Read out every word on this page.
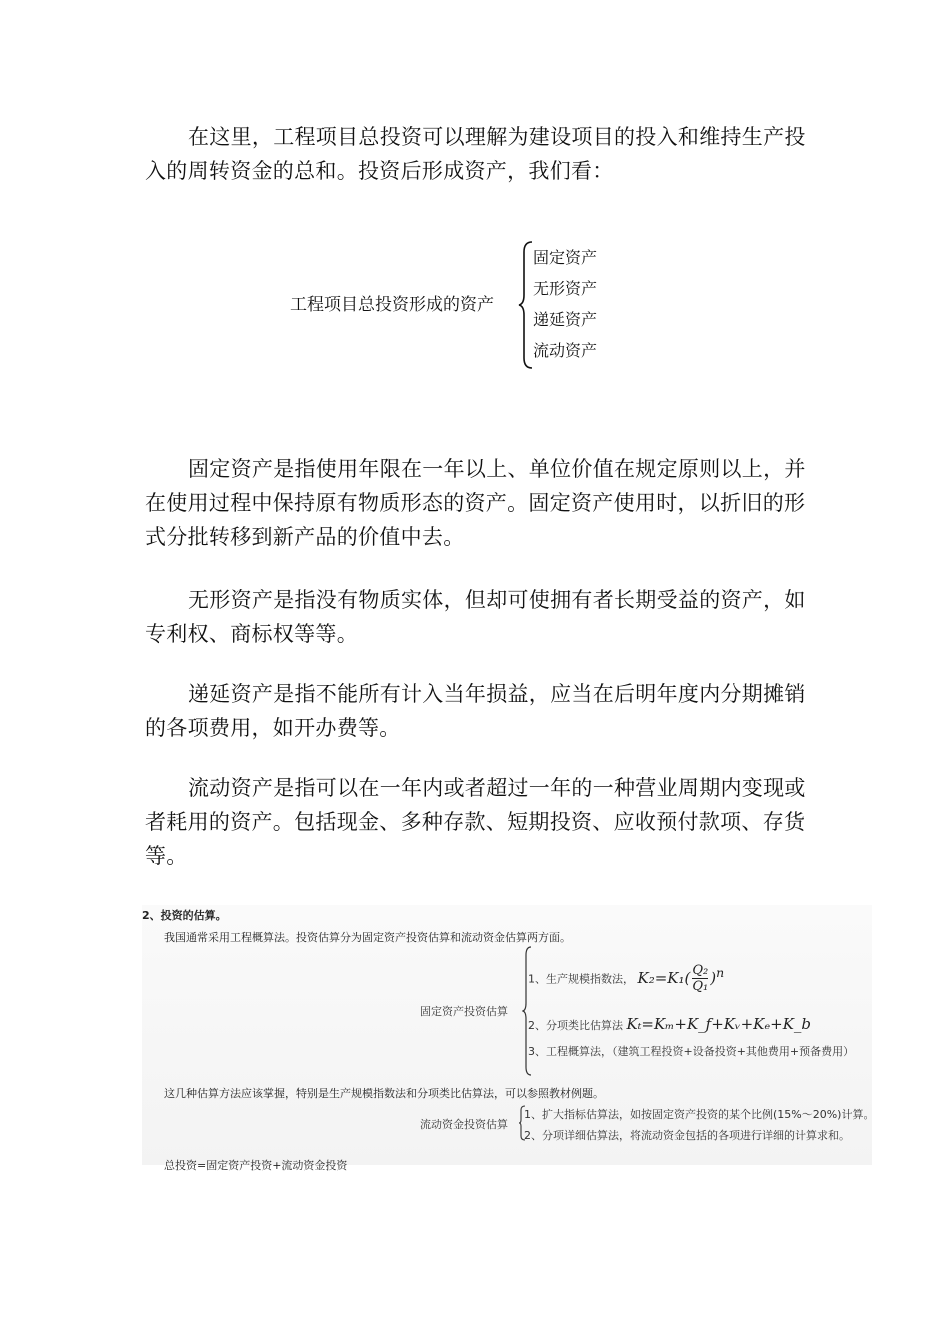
在这里，工程项目总投资可以理解为建设项目的投入和维持生产投入的周转资金的总和。投资后形成资产，我们看：

工程项目总投资形成的资产
固定资产
无形资产
递延资产
流动资产

固定资产是指使用年限在一年以上、单位价值在规定原则以上，并在使用过程中保持原有物质形态的资产。固定资产使用时，以折旧的形式分批转移到新产品的价值中去。

无形资产是指没有物质实体，但却可使拥有者长期受益的资产，如专利权、商标权等等。

递延资产是指不能所有计入当年损益，应当在后明年度内分期摊销的各项费用，如开办费等。

流动资产是指可以在一年内或者超过一年的一种营业周期内变现或者耗用的资产。包括现金、多种存款、短期投资、应收预付款项、存货等。

2、投资的估算。
我国通常采用工程概算法。投资估算分为固定资产投资估算和流动资金估算两方面。
固定资产投资估算
1、生产规模指数法， $K_2=K_1( \frac{\text{Q₂}}{\text{Q₁}} )^n$
2、分项类比估算法 Kₜ=Kₘ+K_f+Kᵥ+Kₑ+K_b
3、工程概算法，（建筑工程投资+设备投资+其他费用+预备费用）
这几种估算方法应该掌握，特别是生产规模指数法和分项类比估算法，可以参照教材例题。
流动资金投资估算
1、扩大指标估算法，如按固定资产投资的某个比例(15%～20%)计算。
2、分项详细估算法，将流动资金包括的各项进行详细的计算求和。
总投资=固定资产投资+流动资金投资
